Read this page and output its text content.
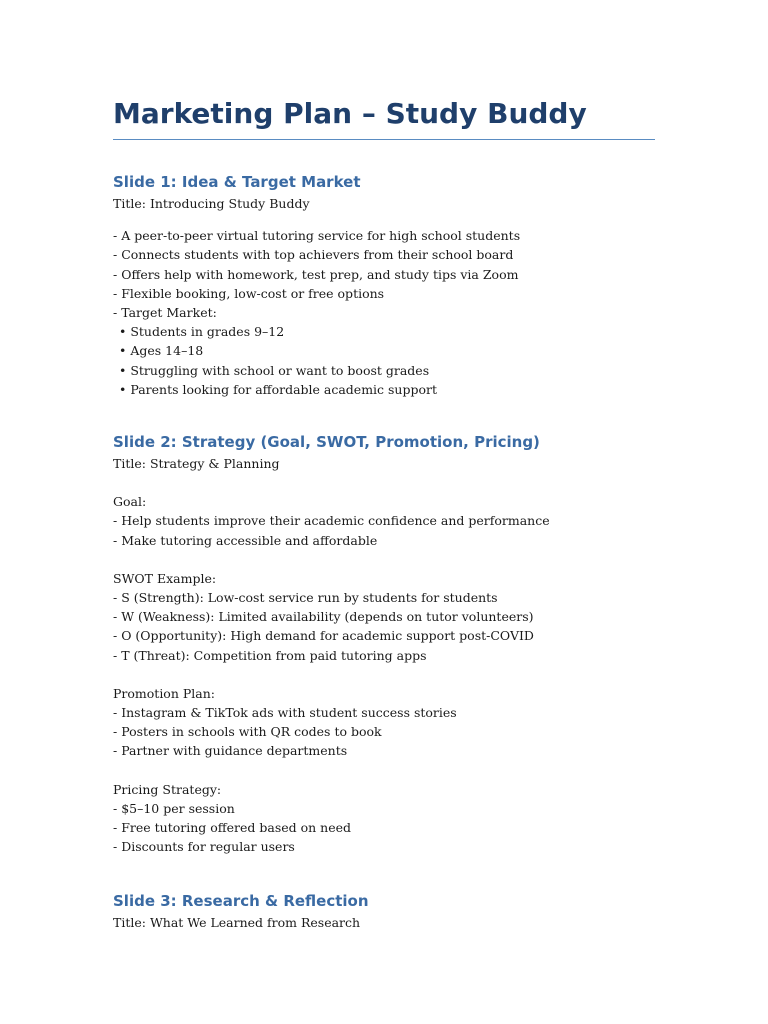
Marketing Plan – Study Buddy
Slide 1: Idea & Target Market

Title: Introducing Study Buddy

- A peer-to-peer virtual tutoring service for high school students

- Connects students with top achievers from their school board

- Offers help with homework, test prep, and study tips via Zoom

- Flexible booking, low-cost or free options

- Target Market:

• Students in grades 9–12

• Ages 14–18

• Struggling with school or want to boost grades

• Parents looking for affordable academic support

Slide 2: Strategy (Goal, SWOT, Promotion, Pricing)

Title: Strategy & Planning

Goal:

- Help students improve their academic confidence and performance

- Make tutoring accessible and affordable

SWOT Example:

- S (Strength): Low-cost service run by students for students

- W (Weakness): Limited availability (depends on tutor volunteers)

- O (Opportunity): High demand for academic support post-COVID

- T (Threat): Competition from paid tutoring apps

Promotion Plan:

- Instagram & TikTok ads with student success stories

- Posters in schools with QR codes to book

- Partner with guidance departments

Pricing Strategy:

- $5–10 per session

- Free tutoring offered based on need

- Discounts for regular users

Slide 3: Research & Reflection

Title: What We Learned from Research
